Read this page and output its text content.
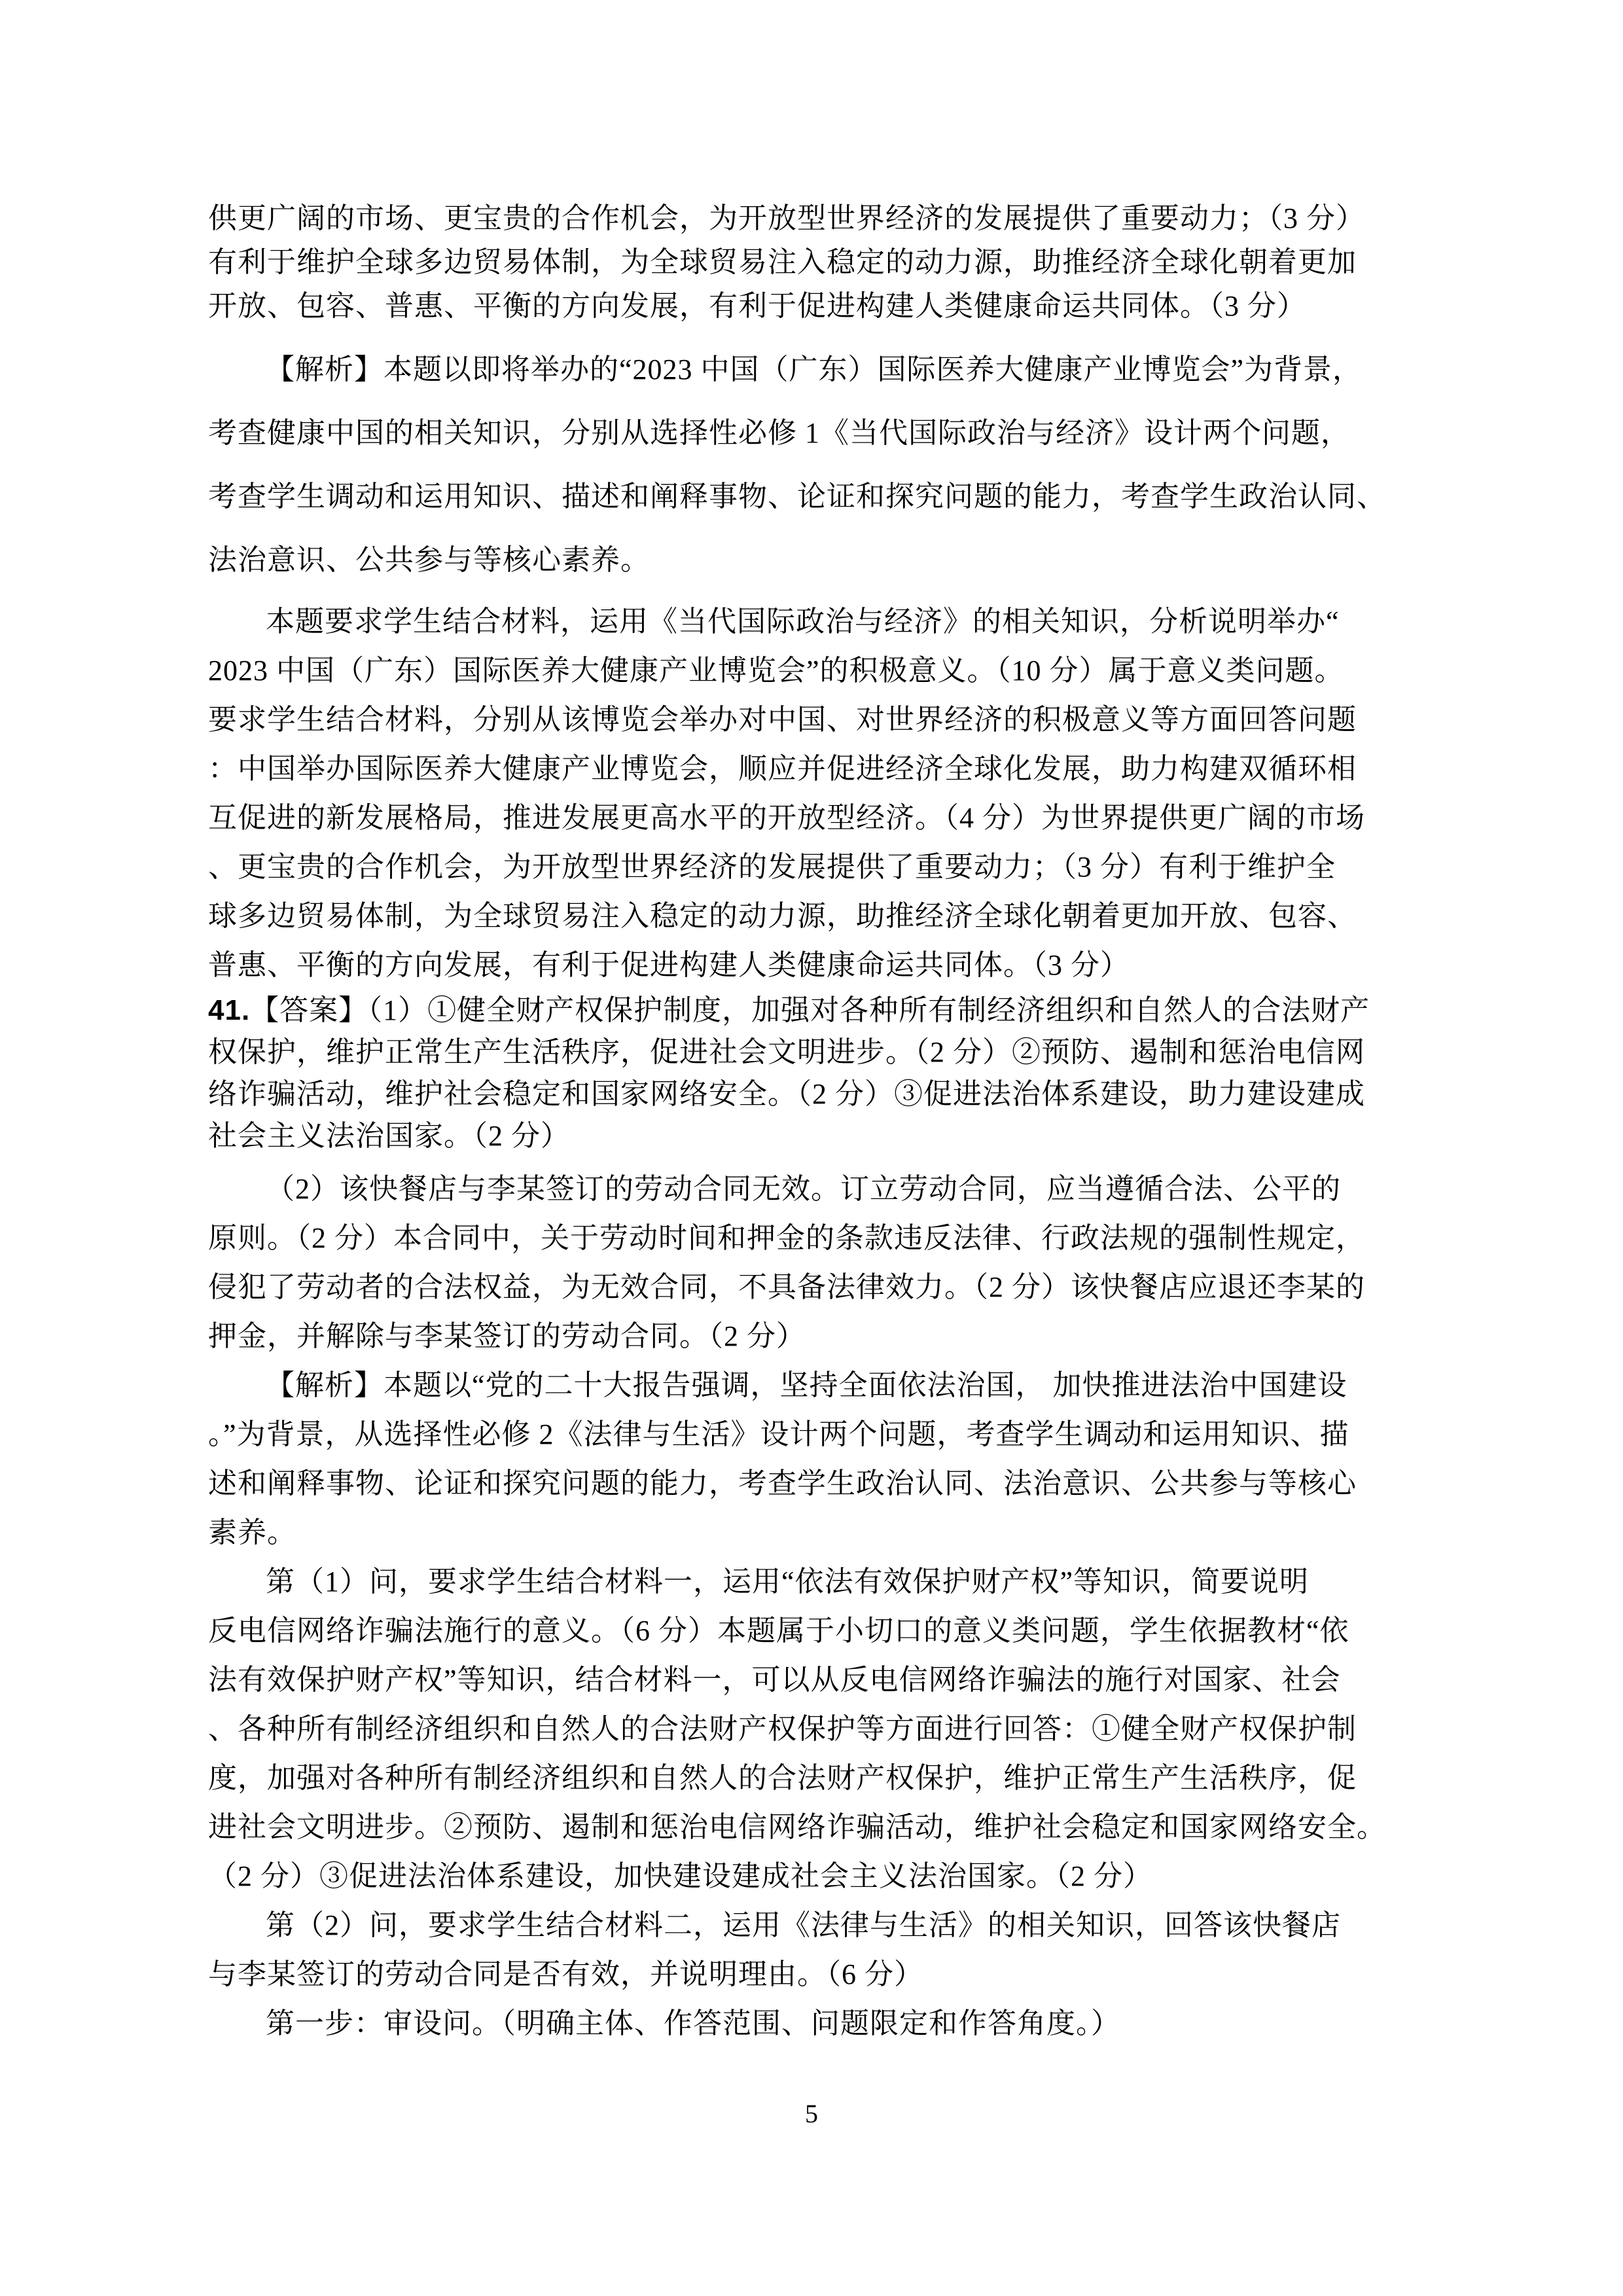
供更广阔的市场、更宝贵的合作机会，为开放型世界经济的发展提供了重要动力；（3 分）
有利于维护全球多边贸易体制，为全球贸易注入稳定的动力源，助推经济全球化朝着更加
开放、包容、普惠、平衡的方向发展，有利于促进构建人类健康命运共同体。（3 分）
【解析】本题以即将举办的“2023 中国（广东）国际医养大健康产业博览会”为背景，
考查健康中国的相关知识，分别从选择性必修 1《当代国际政治与经济》设计两个问题，
考查学生调动和运用知识、描述和阐释事物、论证和探究问题的能力，考查学生政治认同、
法治意识、公共参与等核心素养。
本题要求学生结合材料，运用《当代国际政治与经济》的相关知识，分析说明举办“
2023 中国（广东）国际医养大健康产业博览会”的积极意义。（10 分）属于意义类问题。
要求学生结合材料，分别从该博览会举办对中国、对世界经济的积极意义等方面回答问题
：中国举办国际医养大健康产业博览会，顺应并促进经济全球化发展，助力构建双循环相
互促进的新发展格局，推进发展更高水平的开放型经济。（4 分）为世界提供更广阔的市场
、更宝贵的合作机会，为开放型世界经济的发展提供了重要动力；（3 分）有利于维护全
球多边贸易体制，为全球贸易注入稳定的动力源，助推经济全球化朝着更加开放、包容、
普惠、平衡的方向发展，有利于促进构建人类健康命运共同体。（3 分）
41.【答案】（1）①健全财产权保护制度，加强对各种所有制经济组织和自然人的合法财产
权保护，维护正常生产生活秩序，促进社会文明进步。（2 分）②预防、遏制和惩治电信网
络诈骗活动，维护社会稳定和国家网络安全。（2 分）③促进法治体系建设，助力建设建成
社会主义法治国家。（2 分）
（2）该快餐店与李某签订的劳动合同无效。订立劳动合同，应当遵循合法、公平的
原则。（2 分）本合同中，关于劳动时间和押金的条款违反法律、行政法规的强制性规定，
侵犯了劳动者的合法权益，为无效合同，不具备法律效力。（2 分）该快餐店应退还李某的
押金，并解除与李某签订的劳动合同。（2 分）
【解析】本题以“党的二十大报告强调，坚持全面依法治国， 加快推进法治中国建设
。”为背景，从选择性必修 2《法律与生活》设计两个问题，考查学生调动和运用知识、描
述和阐释事物、论证和探究问题的能力，考查学生政治认同、法治意识、公共参与等核心
素养。
第（1）问，要求学生结合材料一，运用“依法有效保护财产权”等知识，简要说明
反电信网络诈骗法施行的意义。（6 分）本题属于小切口的意义类问题，学生依据教材“依
法有效保护财产权”等知识，结合材料一，可以从反电信网络诈骗法的施行对国家、社会
、各种所有制经济组织和自然人的合法财产权保护等方面进行回答：①健全财产权保护制
度，加强对各种所有制经济组织和自然人的合法财产权保护，维护正常生产生活秩序，促
进社会文明进步。②预防、遏制和惩治电信网络诈骗活动，维护社会稳定和国家网络安全。
（2 分）③促进法治体系建设，加快建设建成社会主义法治国家。（2 分）
第（2）问，要求学生结合材料二，运用《法律与生活》的相关知识，回答该快餐店
与李某签订的劳动合同是否有效，并说明理由。（6 分）
第一步：审设问。（明确主体、作答范围、问题限定和作答角度。）
5
